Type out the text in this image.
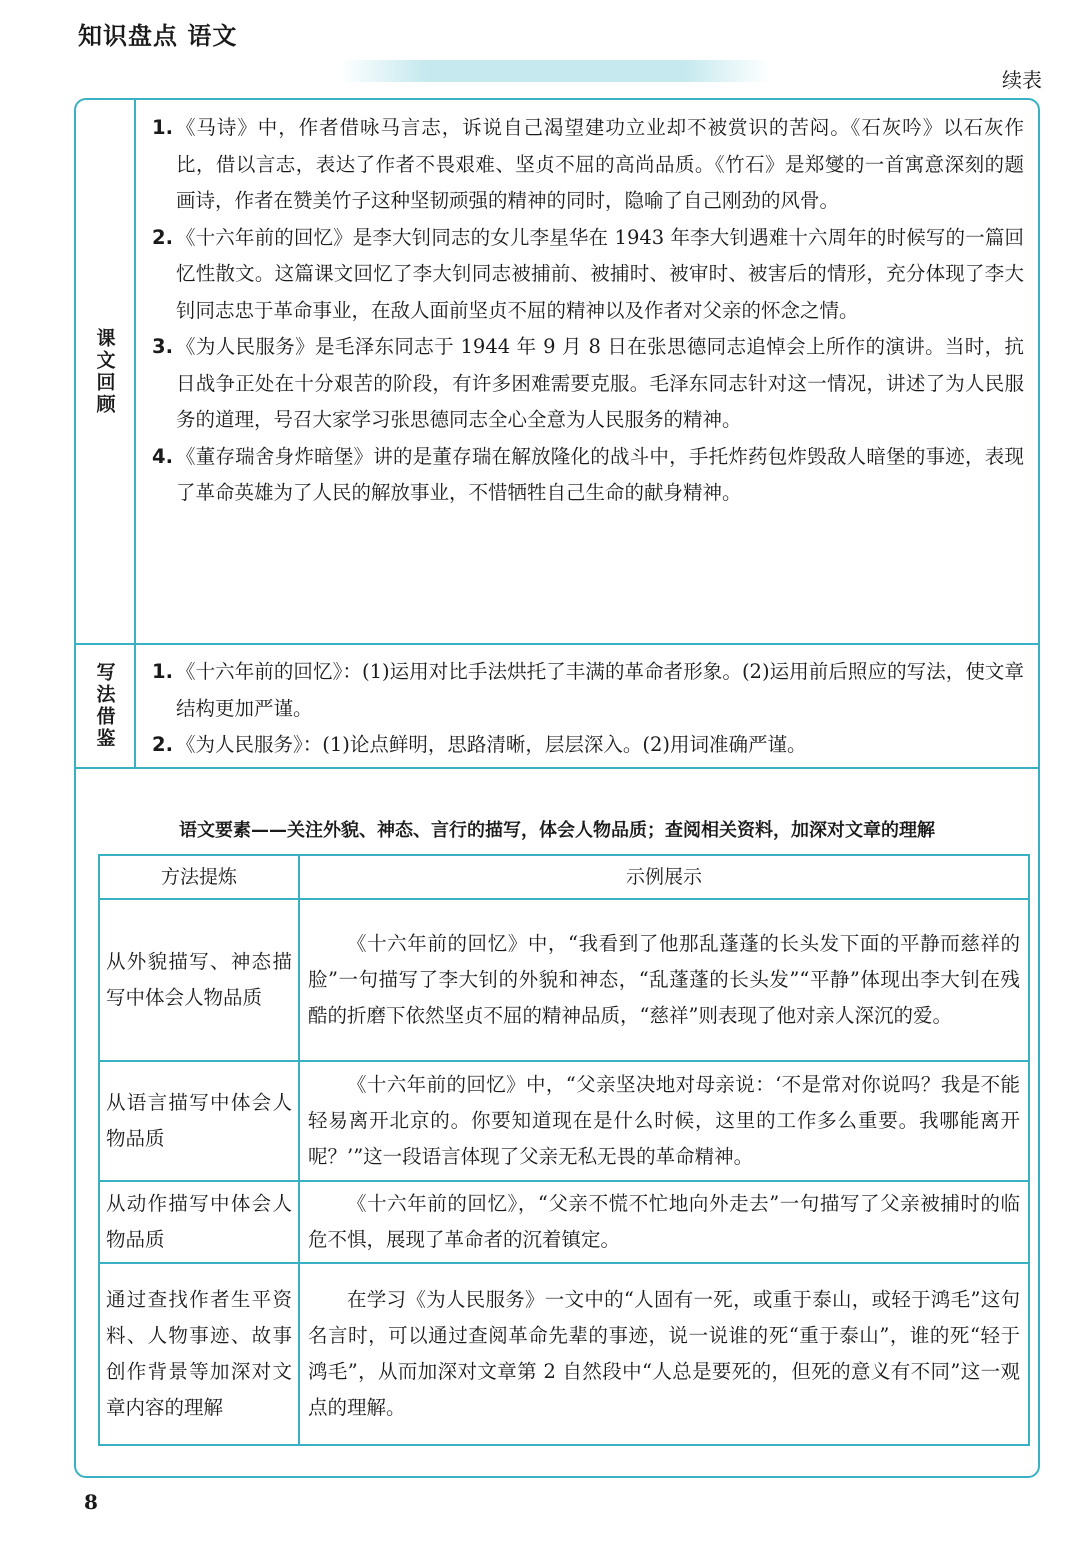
知识盘点 语文
续表
课文回顾
1. 《马诗》中，作者借咏马言志，诉说自己渴望建功立业却不被赏识的苦闷。《石灰吟》以石灰作比，借以言志，表达了作者不畏艰难、坚贞不屈的高尚品质。《竹石》是郑燮的一首寓意深刻的题画诗，作者在赞美竹子这种坚韧顽强的精神的同时，隐喻了自己刚劲的风骨。
2. 《十六年前的回忆》是李大钊同志的女儿李星华在 1943 年李大钊遇难十六周年的时候写的一篇回忆性散文。这篇课文回忆了李大钊同志被捕前、被捕时、被审时、被害后的情形，充分体现了李大钊同志忠于革命事业，在敌人面前坚贞不屈的精神以及作者对父亲的怀念之情。
3. 《为人民服务》是毛泽东同志于 1944 年 9 月 8 日在张思德同志追悼会上所作的演讲。当时，抗日战争正处在十分艰苦的阶段，有许多困难需要克服。毛泽东同志针对这一情况，讲述了为人民服务的道理，号召大家学习张思德同志全心全意为人民服务的精神。
4. 《董存瑞舍身炸暗堡》讲的是董存瑞在解放隆化的战斗中，手托炸药包炸毁敌人暗堡的事迹，表现了革命英雄为了人民的解放事业，不惜牺牲自己生命的献身精神。
写法借鉴 1. 《十六年前的回忆》：(1)运用对比手法烘托了丰满的革命者形象。(2)运用前后照应的写法，使文章结构更加严谨。
2. 《为人民服务》：(1)论点鲜明，思路清晰，层层深入。(2)用词准确严谨。
语文要素——关注外貌、神态、言行的描写，体会人物品质；查阅相关资料，加深对文章的理解
方法提炼	示例展示
从外貌描写、神态描写中体会人物品质	《十六年前的回忆》中，“我看到了他那乱蓬蓬的长头发下面的平静而慈祥的脸”一句描写了李大钊的外貌和神态，“乱蓬蓬的长头发”“平静”体现出李大钊在残酷的折磨下依然坚贞不屈的精神品质，“慈祥”则表现了他对亲人深沉的爱。
从语言描写中体会人物品质	《十六年前的回忆》中，“父亲坚决地对母亲说：‘不是常对你说吗？我是不能轻易离开北京的。你要知道现在是什么时候，这里的工作多么重要。我哪能离开呢？’”这一段语言体现了父亲无私无畏的革命精神。
从动作描写中体会人物品质	《十六年前的回忆》，“父亲不慌不忙地向外走去”一句描写了父亲被捕时的临危不惧，展现了革命者的沉着镇定。
通过查找作者生平资料、人物事迹、故事创作背景等加深对文章内容的理解	在学习《为人民服务》一文中的“人固有一死，或重于泰山，或轻于鸿毛”这句名言时，可以通过查阅革命先辈的事迹，说一说谁的死“重于泰山”，谁的死“轻于鸿毛”，从而加深对文章第 2 自然段中“人总是要死的，但死的意义有不同”这一观点的理解。
8
